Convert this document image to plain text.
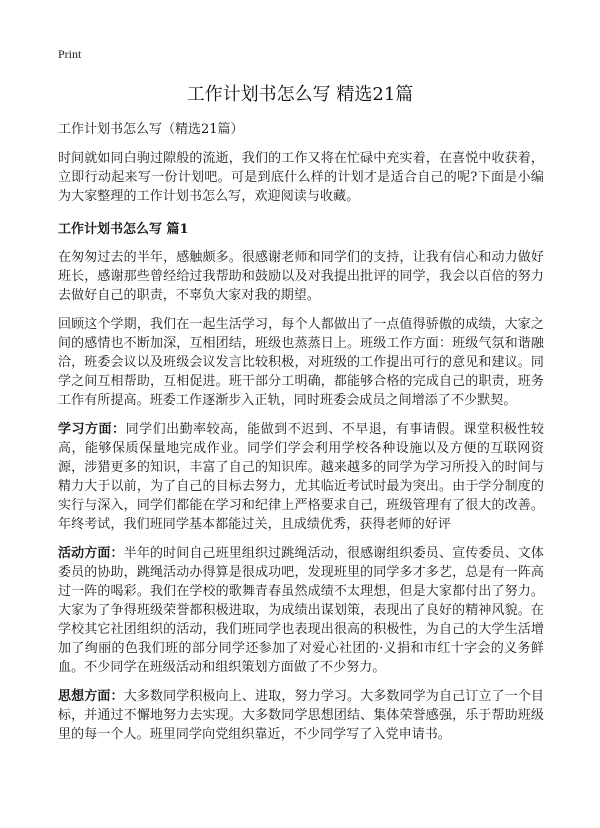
Print
工作计划书怎么写 精选21篇
工作计划书怎么写（精选21篇）

时间就如同白驹过隙般的流逝，我们的工作又将在忙碌中充实着，在喜悦中收获着，立即行动起来写一份计划吧。可是到底什么样的计划才是适合自己的呢?下面是小编为大家整理的工作计划书怎么写，欢迎阅读与收藏。

工作计划书怎么写 篇1

在匆匆过去的半年，感触颇多。很感谢老师和同学们的支持，让我有信心和动力做好班长，感谢那些曾经给过我帮助和鼓励以及对我提出批评的同学，我会以百倍的努力去做好自己的职责，不辜负大家对我的期望。

回顾这个学期，我们在一起生活学习，每个人都做出了一点值得骄傲的成绩，大家之间的感情也不断加深，互相团结，班级也蒸蒸日上。班级工作方面：班级气氛和谐融洽，班委会议以及班级会议发言比较积极，对班级的工作提出可行的意见和建议。同学之间互相帮助，互相促进。班干部分工明确，都能够合格的完成自己的职责，班务工作有所提高。班委工作逐渐步入正轨，同时班委会成员之间增添了不少默契。

学习方面：同学们出勤率较高，能做到不迟到、不早退，有事请假。课堂积极性较高，能够保质保量地完成作业。同学们学会利用学校各种设施以及方便的互联网资源，涉猎更多的知识，丰富了自己的知识库。越来越多的同学为学习所投入的时间与精力大于以前，为了自己的目标去努力，尤其临近考试时最为突出。由于学分制度的实行与深入，同学们都能在学习和纪律上严格要求自己，班级管理有了很大的改善。年终考试，我们班同学基本都能过关，且成绩优秀，获得老师的好评

活动方面：半年的时间自己班里组织过跳绳活动，很感谢组织委员、宣传委员、文体委员的协助，跳绳活动办得算是很成功吧，发现班里的同学多才多艺，总是有一阵高过一阵的喝彩。我们在学校的歌舞青春虽然成绩不太理想，但是大家都付出了努力。大家为了争得班级荣誉都积极进取，为成绩出谋划策，表现出了良好的精神风貌。在学校其它社团组织的活动，我们班同学也表现出很高的积极性，为自己的大学生活增加了绚丽的色我们班的部分同学还参加了对爱心社团的·义捐和市红十字会的义务鲜血。不少同学在班级活动和组织策划方面做了不少努力。

思想方面：大多数同学积极向上、进取，努力学习。大多数同学为自己订立了一个目标，并通过不懈地努力去实现。大多数同学思想团结、集体荣誉感强，乐于帮助班级里的每一个人。班里同学向党组织靠近，不少同学写了入党申请书。
